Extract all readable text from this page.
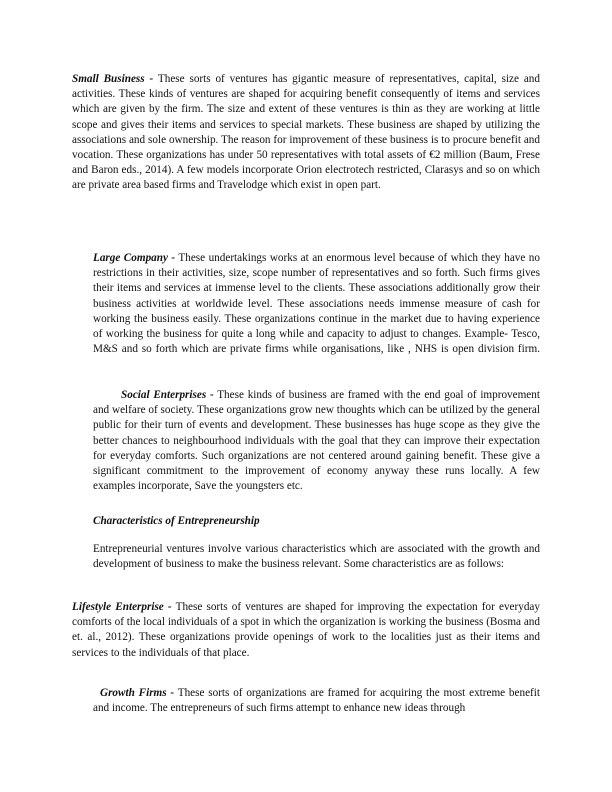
Small Business - These sorts of ventures has gigantic measure of representatives, capital, size and activities. These kinds of ventures are shaped for acquiring benefit consequently of items and services which are given by the firm. The size and extent of these ventures is thin as they are working at little scope and gives their items and services to special markets. These business are shaped by utilizing the associations and sole ownership. The reason for improvement of these business is to procure benefit and vocation. These organizations has under 50 representatives with total assets of €2 million (Baum, Frese and Baron eds., 2014). A few models incorporate Orion electrotech restricted, Clarasys and so on which are private area based firms and Travelodge which exist in open part.

Large Company - These undertakings works at an enormous level because of which they have no restrictions in their activities, size, scope number of representatives and so forth. Such firms gives their items and services at immense level to the clients. These associations additionally grow their business activities at worldwide level. These associations needs immense measure of cash for working the business easily. These organizations continue in the market due to having experience of working the business for quite a long while and capacity to adjust to changes. Example- Tesco, M&S and so forth which are private firms while organisations, like , NHS is open division firm.

Social Enterprises - These kinds of business are framed with the end goal of improvement and welfare of society. These organizations grow new thoughts which can be utilized by the general public for their turn of events and development. These businesses has huge scope as they give the better chances to neighbourhood individuals with the goal that they can improve their expectation for everyday comforts. Such organizations are not centered around gaining benefit. These give a significant commitment to the improvement of economy anyway these runs locally. A few examples incorporate, Save the youngsters etc.

Characteristics of Entrepreneurship

Entrepreneurial ventures involve various characteristics which are associated with the growth and development of business to make the business relevant. Some characteristics are as follows:

Lifestyle Enterprise - These sorts of ventures are shaped for improving the expectation for everyday comforts of the local individuals of a spot in which the organization is working the business (Bosma and et. al., 2012). These organizations provide openings of work to the localities just as their items and services to the individuals of that place.

Growth Firms - These sorts of organizations are framed for acquiring the most extreme benefit and income. The entrepreneurs of such firms attempt to enhance new ideas through
